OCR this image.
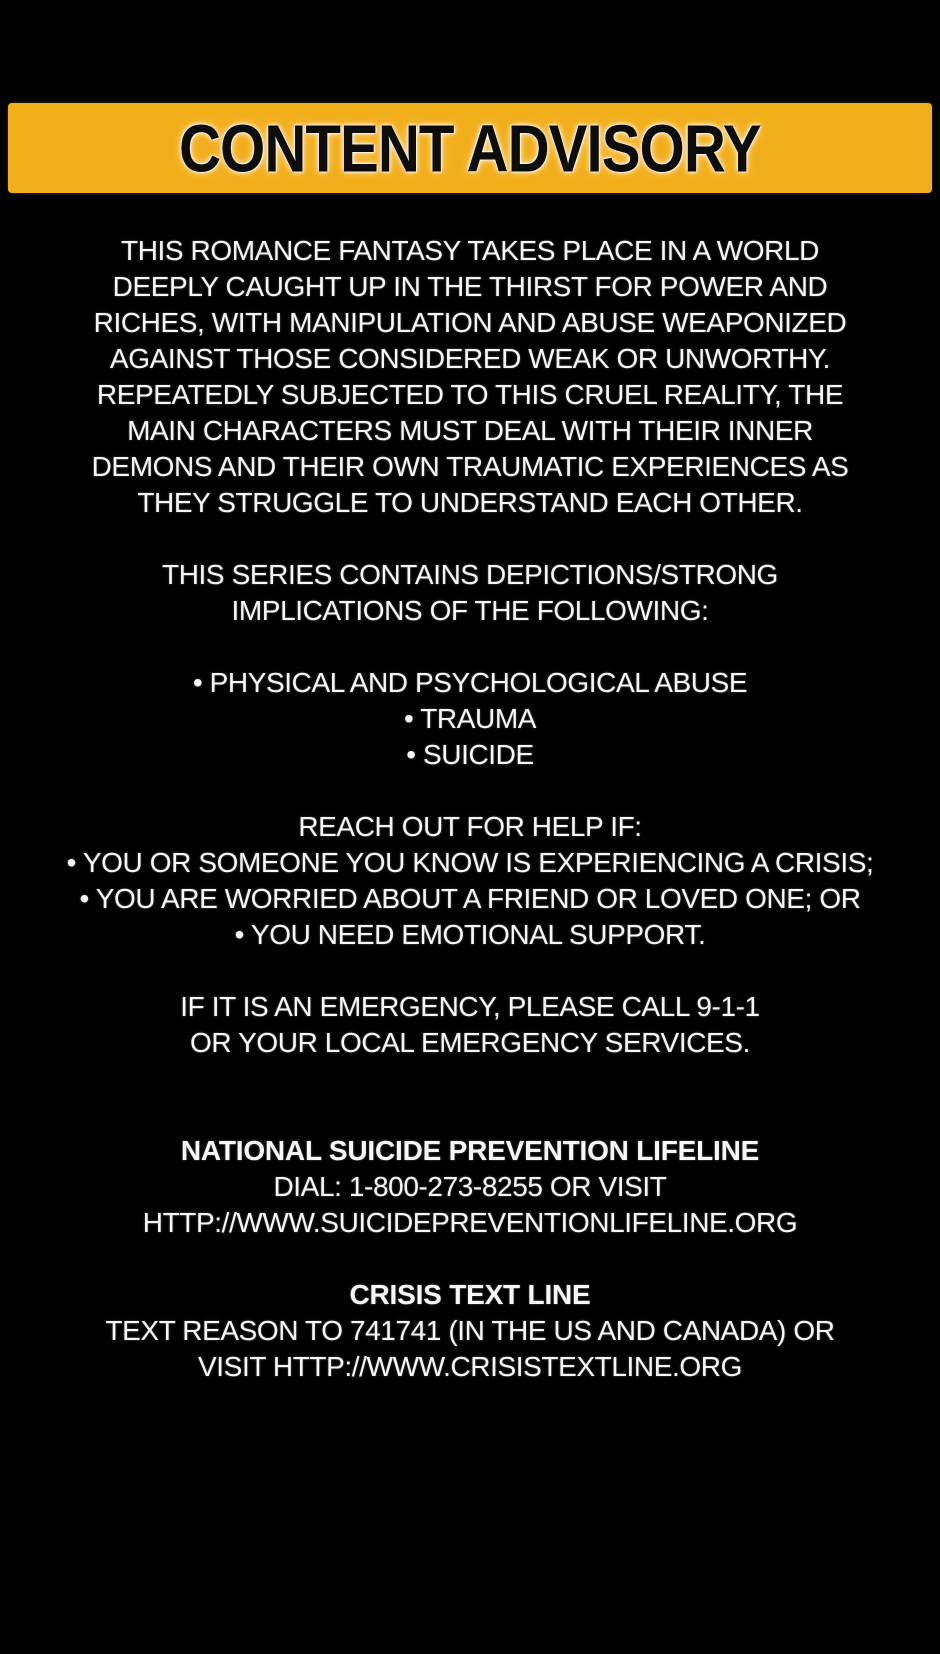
CONTENT ADVISORY
THIS ROMANCE FANTASY TAKES PLACE IN A WORLD
DEEPLY CAUGHT UP IN THE THIRST FOR POWER AND
RICHES, WITH MANIPULATION AND ABUSE WEAPONIZED
AGAINST THOSE CONSIDERED WEAK OR UNWORTHY.
REPEATEDLY SUBJECTED TO THIS CRUEL REALITY, THE
MAIN CHARACTERS MUST DEAL WITH THEIR INNER
DEMONS AND THEIR OWN TRAUMATIC EXPERIENCES AS
THEY STRUGGLE TO UNDERSTAND EACH OTHER.
THIS SERIES CONTAINS DEPICTIONS/STRONG
IMPLICATIONS OF THE FOLLOWING:
• PHYSICAL AND PSYCHOLOGICAL ABUSE
• TRAUMA
• SUICIDE
REACH OUT FOR HELP IF:
• YOU OR SOMEONE YOU KNOW IS EXPERIENCING A CRISIS;
• YOU ARE WORRIED ABOUT A FRIEND OR LOVED ONE; OR
• YOU NEED EMOTIONAL SUPPORT.
IF IT IS AN EMERGENCY, PLEASE CALL 9-1-1
OR YOUR LOCAL EMERGENCY SERVICES.
NATIONAL SUICIDE PREVENTION LIFELINE
DIAL: 1-800-273-8255 OR VISIT
HTTP://WWW.SUICIDEPREVENTIONLIFELINE.ORG
CRISIS TEXT LINE
TEXT REASON TO 741741 (IN THE US AND CANADA) OR
VISIT HTTP://WWW.CRISISTEXTLINE.ORG
